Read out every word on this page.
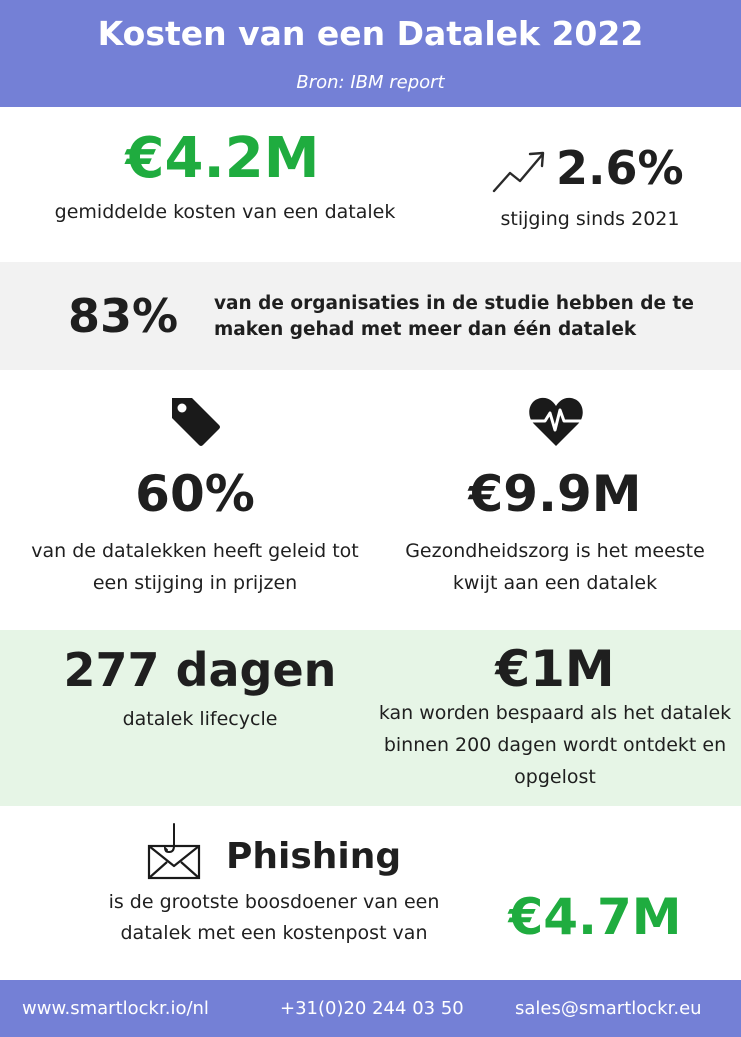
Kosten van een Datalek 2022
Bron: IBM report
€4.2M
gemiddelde kosten van een datalek
2.6%
stijging sinds 2021
83%	van de organisaties in de studie hebben de te maken gehad met meer dan één datalek
60%
van de datalekken heeft geleid tot een stijging in prijzen
€9.9M
Gezondheidszorg is het meeste kwijt aan een datalek
277 dagen
datalek lifecycle
€1M
kan worden bespaard als het datalek binnen 200 dagen wordt ontdekt en opgelost
Phishing
is de grootste boosdoener van een datalek met een kostenpost van	€4.7M
www.smartlockr.io/nl	+31(0)20 244 03 50	sales@smartlockr.eu
